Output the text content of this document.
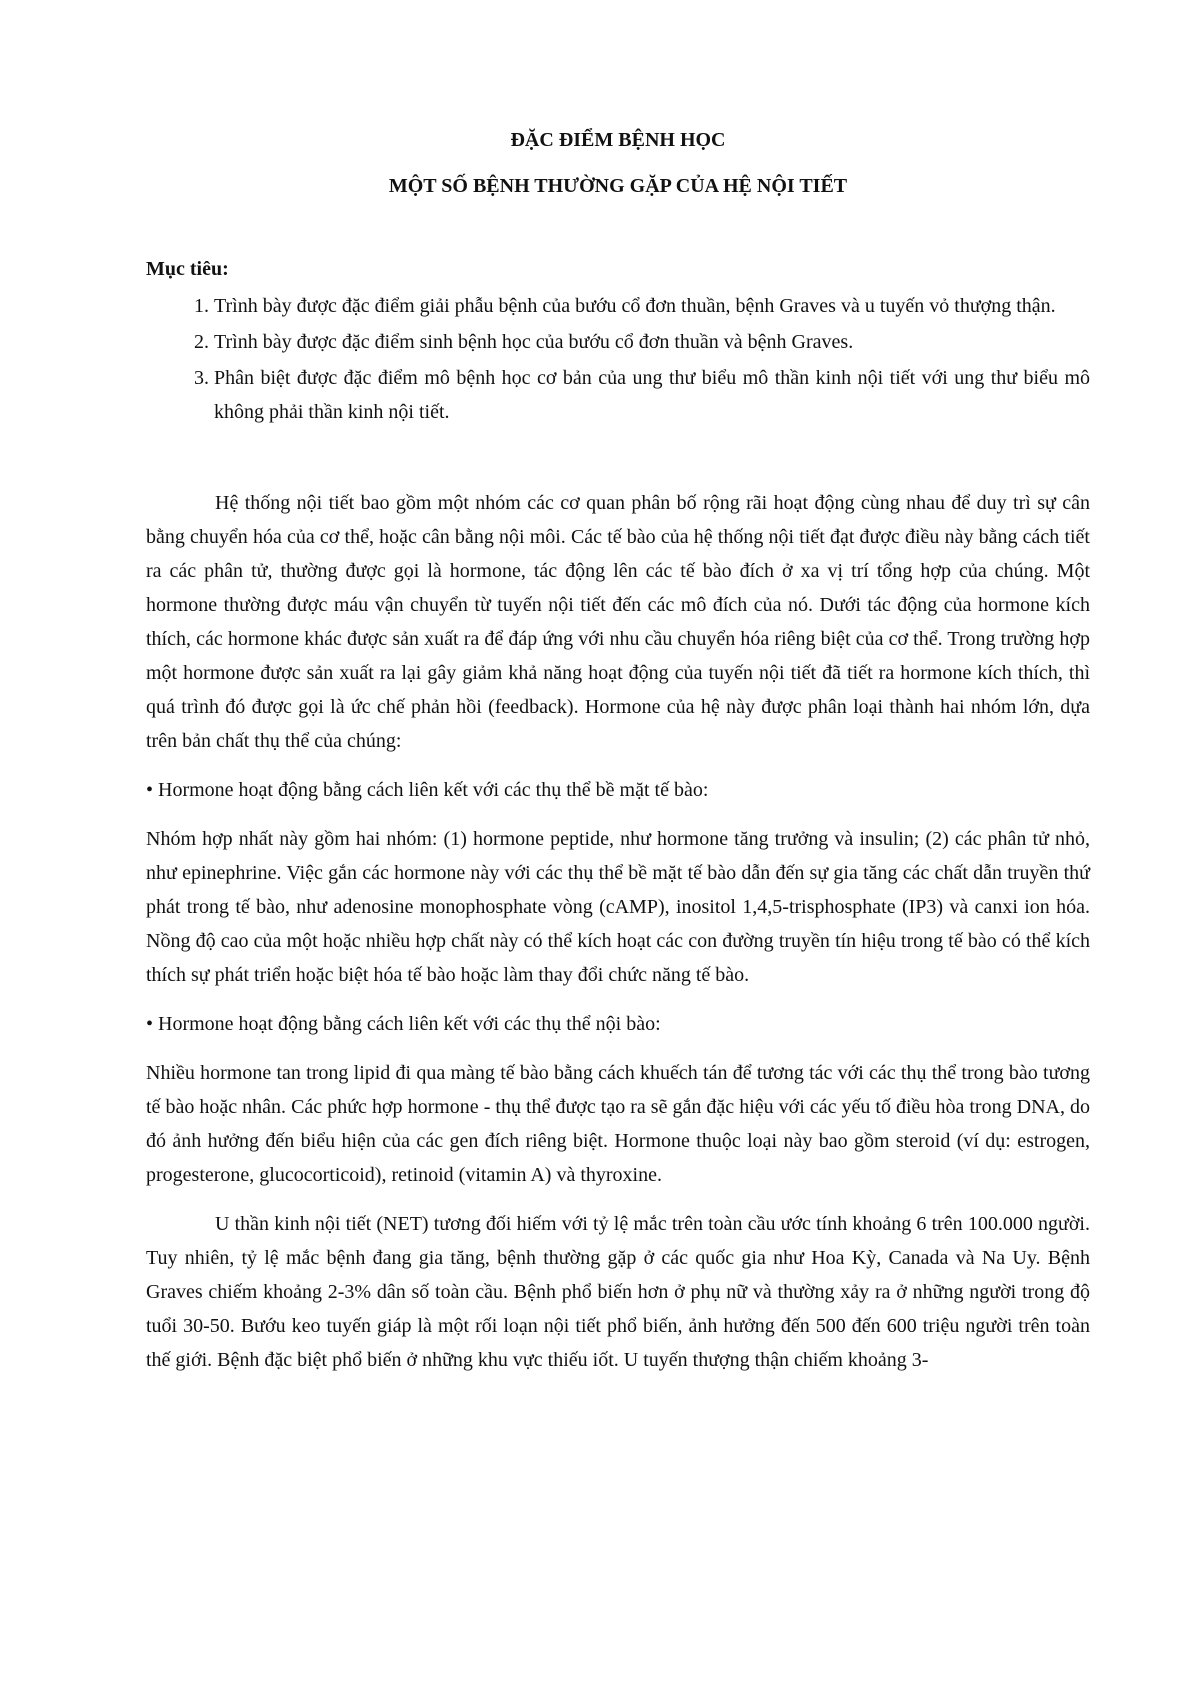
ĐẶC ĐIỂM BỆNH HỌC
MỘT SỐ BỆNH THƯỜNG GẶP CỦA HỆ NỘI TIẾT
Mục tiêu:
1. Trình bày được đặc điểm giải phẫu bệnh của bướu cổ đơn thuần, bệnh Graves và u tuyến vỏ thượng thận.
2. Trình bày được đặc điểm sinh bệnh học của bướu cổ đơn thuần và bệnh Graves.
3. Phân biệt được đặc điểm mô bệnh học cơ bản của ung thư biểu mô thần kinh nội tiết với ung thư biểu mô không phải thần kinh nội tiết.

Hệ thống nội tiết bao gồm một nhóm các cơ quan phân bố rộng rãi hoạt động cùng nhau để duy trì sự cân bằng chuyển hóa của cơ thể, hoặc cân bằng nội môi. Các tế bào của hệ thống nội tiết đạt được điều này bằng cách tiết ra các phân tử, thường được gọi là hormone, tác động lên các tế bào đích ở xa vị trí tổng hợp của chúng. Một hormone thường được máu vận chuyển từ tuyến nội tiết đến các mô đích của nó. Dưới tác động của hormone kích thích, các hormone khác được sản xuất ra để đáp ứng với nhu cầu chuyển hóa riêng biệt của cơ thể. Trong trường hợp một hormone được sản xuất ra lại gây giảm khả năng hoạt động của tuyến nội tiết đã tiết ra hormone kích thích, thì quá trình đó được gọi là ức chế phản hồi (feedback). Hormone của hệ này được phân loại thành hai nhóm lớn, dựa trên bản chất thụ thể của chúng:

• Hormone hoạt động bằng cách liên kết với các thụ thể bề mặt tế bào:

Nhóm hợp nhất này gồm hai nhóm: (1) hormone peptide, như hormone tăng trưởng và insulin; (2) các phân tử nhỏ, như epinephrine. Việc gắn các hormone này với các thụ thể bề mặt tế bào dẫn đến sự gia tăng các chất dẫn truyền thứ phát trong tế bào, như adenosine monophosphate vòng (cAMP), inositol 1,4,5-trisphosphate (IP3) và canxi ion hóa. Nồng độ cao của một hoặc nhiều hợp chất này có thể kích hoạt các con đường truyền tín hiệu trong tế bào có thể kích thích sự phát triển hoặc biệt hóa tế bào hoặc làm thay đổi chức năng tế bào.

• Hormone hoạt động bằng cách liên kết với các thụ thể nội bào:

Nhiều hormone tan trong lipid đi qua màng tế bào bằng cách khuếch tán để tương tác với các thụ thể trong bào tương tế bào hoặc nhân. Các phức hợp hormone - thụ thể được tạo ra sẽ gắn đặc hiệu với các yếu tố điều hòa trong DNA, do đó ảnh hưởng đến biểu hiện của các gen đích riêng biệt. Hormone thuộc loại này bao gồm steroid (ví dụ: estrogen, progesterone, glucocorticoid), retinoid (vitamin A) và thyroxine.

U thần kinh nội tiết (NET) tương đối hiếm với tỷ lệ mắc trên toàn cầu ước tính khoảng 6 trên 100.000 người. Tuy nhiên, tỷ lệ mắc bệnh đang gia tăng, bệnh thường gặp ở các quốc gia như Hoa Kỳ, Canada và Na Uy. Bệnh Graves chiếm khoảng 2-3% dân số toàn cầu. Bệnh phổ biến hơn ở phụ nữ và thường xảy ra ở những người trong độ tuổi 30-50. Bướu keo tuyến giáp là một rối loạn nội tiết phổ biến, ảnh hưởng đến 500 đến 600 triệu người trên toàn thế giới. Bệnh đặc biệt phổ biến ở những khu vực thiếu iốt. U tuyến thượng thận chiếm khoảng 3-
